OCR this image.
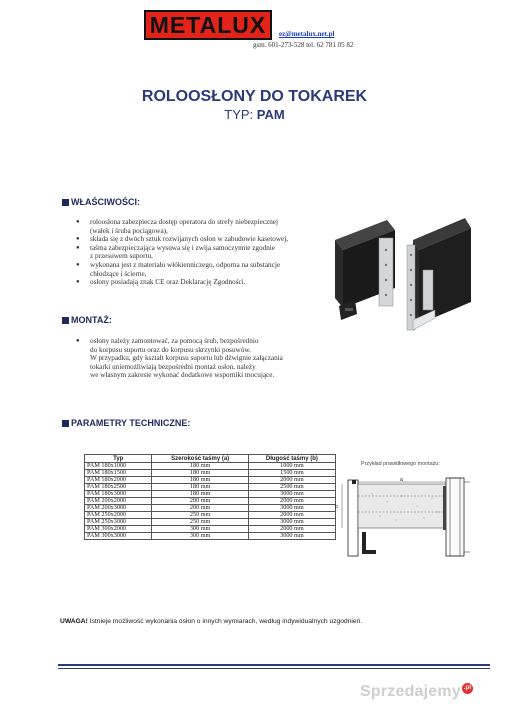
METALUX ez@metalux.net.pl
gsm. 601-273-528 tel. 62 781 05 82
ROLOOSŁONY DO TOKAREK
TYP: PAM
WŁAŚCIWOŚCI:
●	roloosłona zabezpiecza dostęp operatora do strefy niebezpiecznej
(wałek i śruba pociągowa),
●	składa się z dwóch sztuk rozwijanych osłon w zabudowie kasetowej,
●	taśma zabezpieczająca wysuwa się i zwija samoczynnie zgodnie
z przesuwem suportu,
●	wykonana jest z materiału włókienniczego, odporna na substancje
chłodzące i ścierne,
●	osłony posiadają znak CE oraz Deklarację Zgodności.
MONTAŻ:
●	osłony należy zamontować, za pomocą śrub, bezpośrednio
do korpusu suportu oraz do korpusu skrzynki posuwów.
W przypadku, gdy kształt korpusu suportu lub dźwignie załączania
tokarki uniemożliwiają bezpośredni montaż osłon, należy
we własnym zakresie wykonać dodatkowe wsporniki mocujące.
PARAMETRY TECHNICZNE:
Typ	Szerokość taśmy (a)	Długość taśmy (b)
PAM 180x1000	180 mm	1000 mm
PAM 180x1500	180 mm	1500 mm
PAM 180x2000	180 mm	2000 mm
PAM 180x2500	180 mm	2500 mm
PAM 180x3000	180 mm	3000 mm
PAM 200x2000	200 mm	2000 mm
PAM 200x3000	200 mm	3000 mm
PAM 250x2000	250 mm	2000 mm
PAM 250x3000	250 mm	3000 mm
PAM 300x2000	300 mm	2000 mm
PAM 300x3000	300 mm	3000 mm
Przykład prawidłowego montażu:
a
b
UWAGA! Istnieje możliwość wykonania osłon o innych wymiarach, według indywidualnych uzgodnień.
Sprzedajemy .pl
